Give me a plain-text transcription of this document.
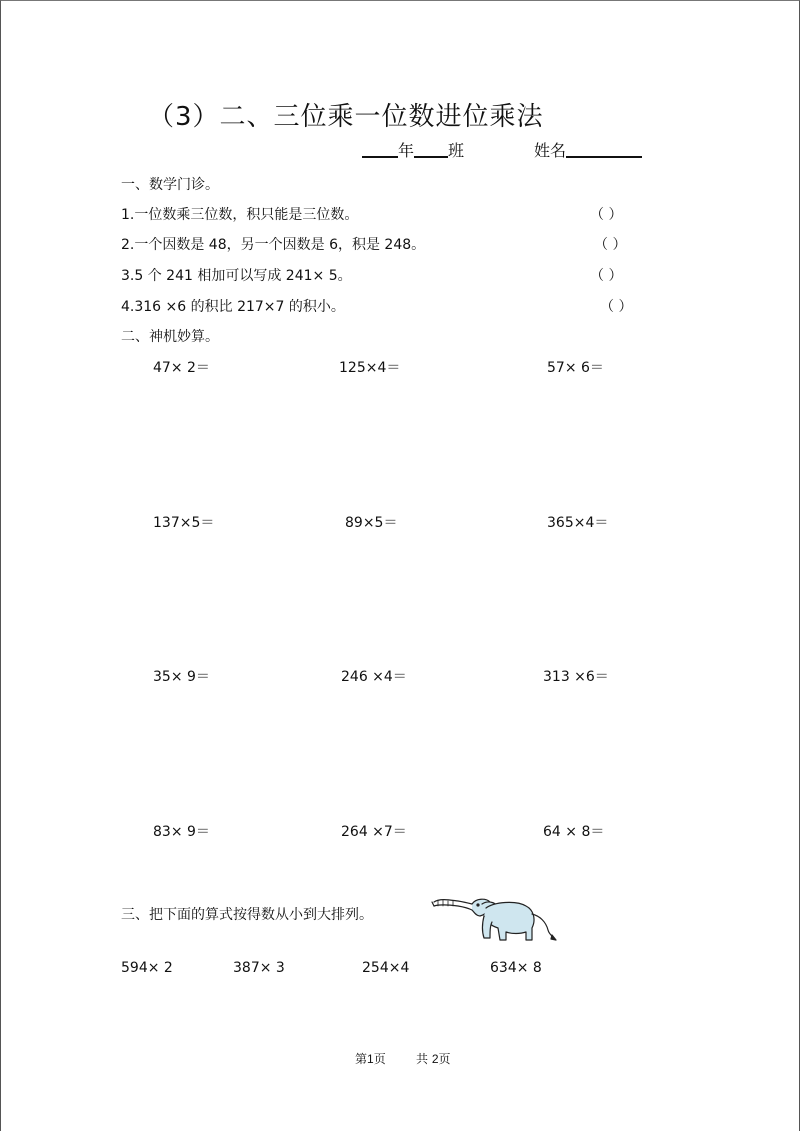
（3）二、三位乘一位数进位乘法
年 班	姓名
一、数学门诊。
1.一位数乘三位数，积只能是三位数。	（ ）
2.一个因数是 48，另一个因数是 6，积是 248。	（ ）
3.5 个 241 相加可以写成 241× 5。	（ ）
4.316 ×6 的积比 217×7 的积小。	（ ）
二、神机妙算。
47× 2＝	125×4＝	57× 6＝
137×5＝	89×5＝	365×4＝
35× 9＝	246 ×4＝	313 ×6＝
83× 9＝	264 ×7＝	64 × 8＝
三、把下面的算式按得数从小到大排列。
594× 2	387× 3	254×4	634× 8
第1页	共 2页
